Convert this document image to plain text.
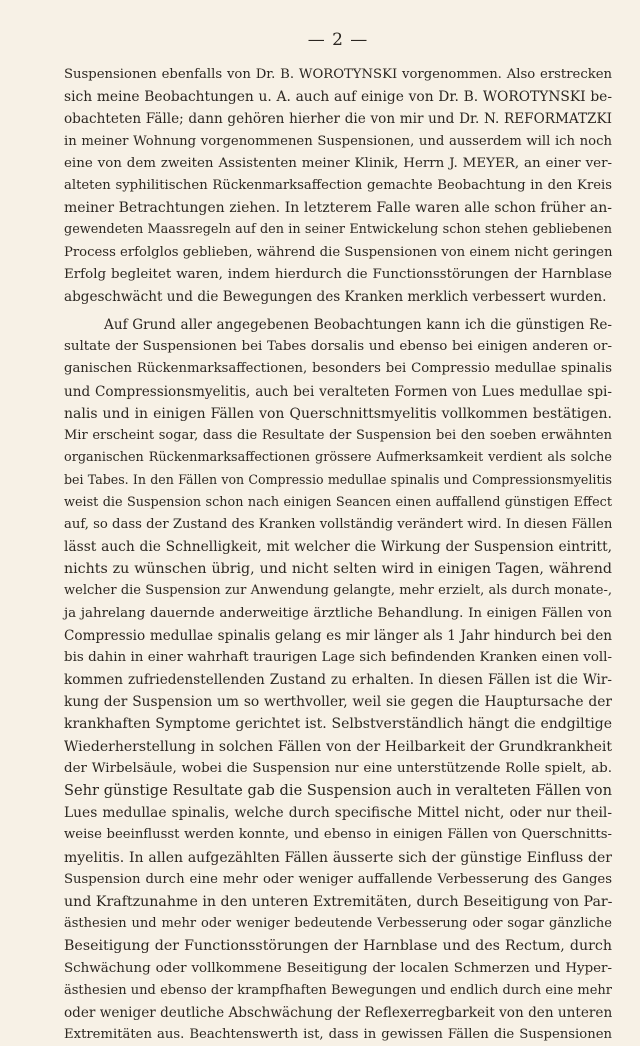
— 2 —
Suspensionen ebenfalls von Dr. B. WOROTYNSKI vorgenommen. Also erstrecken
sich meine Beobachtungen u. A. auch auf einige von Dr. B. WOROTYNSKI be-
obachteten Fälle; dann gehören hierher die von mir und Dr. N. REFORMATZKI
in meiner Wohnung vorgenommenen Suspensionen, und ausserdem will ich noch
eine von dem zweiten Assistenten meiner Klinik, Herrn J. MEYER, an einer ver-
alteten syphilitischen Rückenmarksaffection gemachte Beobachtung in den Kreis
meiner Betrachtungen ziehen. In letzterem Falle waren alle schon früher an-
gewendeten Maassregeln auf den in seiner Entwickelung schon stehen gebliebenen
Process erfolglos geblieben, während die Suspensionen von einem nicht geringen
Erfolg begleitet waren, indem hierdurch die Functionsstörungen der Harnblase
abgeschwächt und die Bewegungen des Kranken merklich verbessert wurden.
Auf Grund aller angegebenen Beobachtungen kann ich die günstigen Re-
sultate der Suspensionen bei Tabes dorsalis und ebenso bei einigen anderen or-
ganischen Rückenmarksaffectionen, besonders bei Compressio medullae spinalis
und Compressionsmyelitis, auch bei veralteten Formen von Lues medullae spi-
nalis und in einigen Fällen von Querschnittsmyelitis vollkommen bestätigen.
Mir erscheint sogar, dass die Resultate der Suspension bei den soeben erwähnten
organischen Rückenmarksaffectionen grössere Aufmerksamkeit verdient als solche
bei Tabes. In den Fällen von Compressio medullae spinalis und Compressionsmyelitis
weist die Suspension schon nach einigen Seancen einen auffallend günstigen Effect
auf, so dass der Zustand des Kranken vollständig verändert wird. In diesen Fällen
lässt auch die Schnelligkeit, mit welcher die Wirkung der Suspension eintritt,
nichts zu wünschen übrig, und nicht selten wird in einigen Tagen, während
welcher die Suspension zur Anwendung gelangte, mehr erzielt, als durch monate-,
ja jahrelang dauernde anderweitige ärztliche Behandlung. In einigen Fällen von
Compressio medullae spinalis gelang es mir länger als 1 Jahr hindurch bei den
bis dahin in einer wahrhaft traurigen Lage sich befindenden Kranken einen voll-
kommen zufriedenstellenden Zustand zu erhalten. In diesen Fällen ist die Wir-
kung der Suspension um so werthvoller, weil sie gegen die Hauptursache der
krankhaften Symptome gerichtet ist. Selbstverständlich hängt die endgiltige
Wiederherstellung in solchen Fällen von der Heilbarkeit der Grundkrankheit
der Wirbelsäule, wobei die Suspension nur eine unterstützende Rolle spielt, ab.
Sehr günstige Resultate gab die Suspension auch in veralteten Fällen von
Lues medullae spinalis, welche durch specifische Mittel nicht, oder nur theil-
weise beeinflusst werden konnte, und ebenso in einigen Fällen von Querschnitts-
myelitis. In allen aufgezählten Fällen äusserte sich der günstige Einfluss der
Suspension durch eine mehr oder weniger auffallende Verbesserung des Ganges
und Kraftzunahme in den unteren Extremitäten, durch Beseitigung von Par-
ästhesien und mehr oder weniger bedeutende Verbesserung oder sogar gänzliche
Beseitigung der Functionsstörungen der Harnblase und des Rectum, durch
Schwächung oder vollkommene Beseitigung der localen Schmerzen und Hyper-
ästhesien und ebenso der krampfhaften Bewegungen und endlich durch eine mehr
oder weniger deutliche Abschwächung der Reflexerregbarkeit von den unteren
Extremitäten aus. Beachtenswerth ist, dass in gewissen Fällen die Suspensionen
